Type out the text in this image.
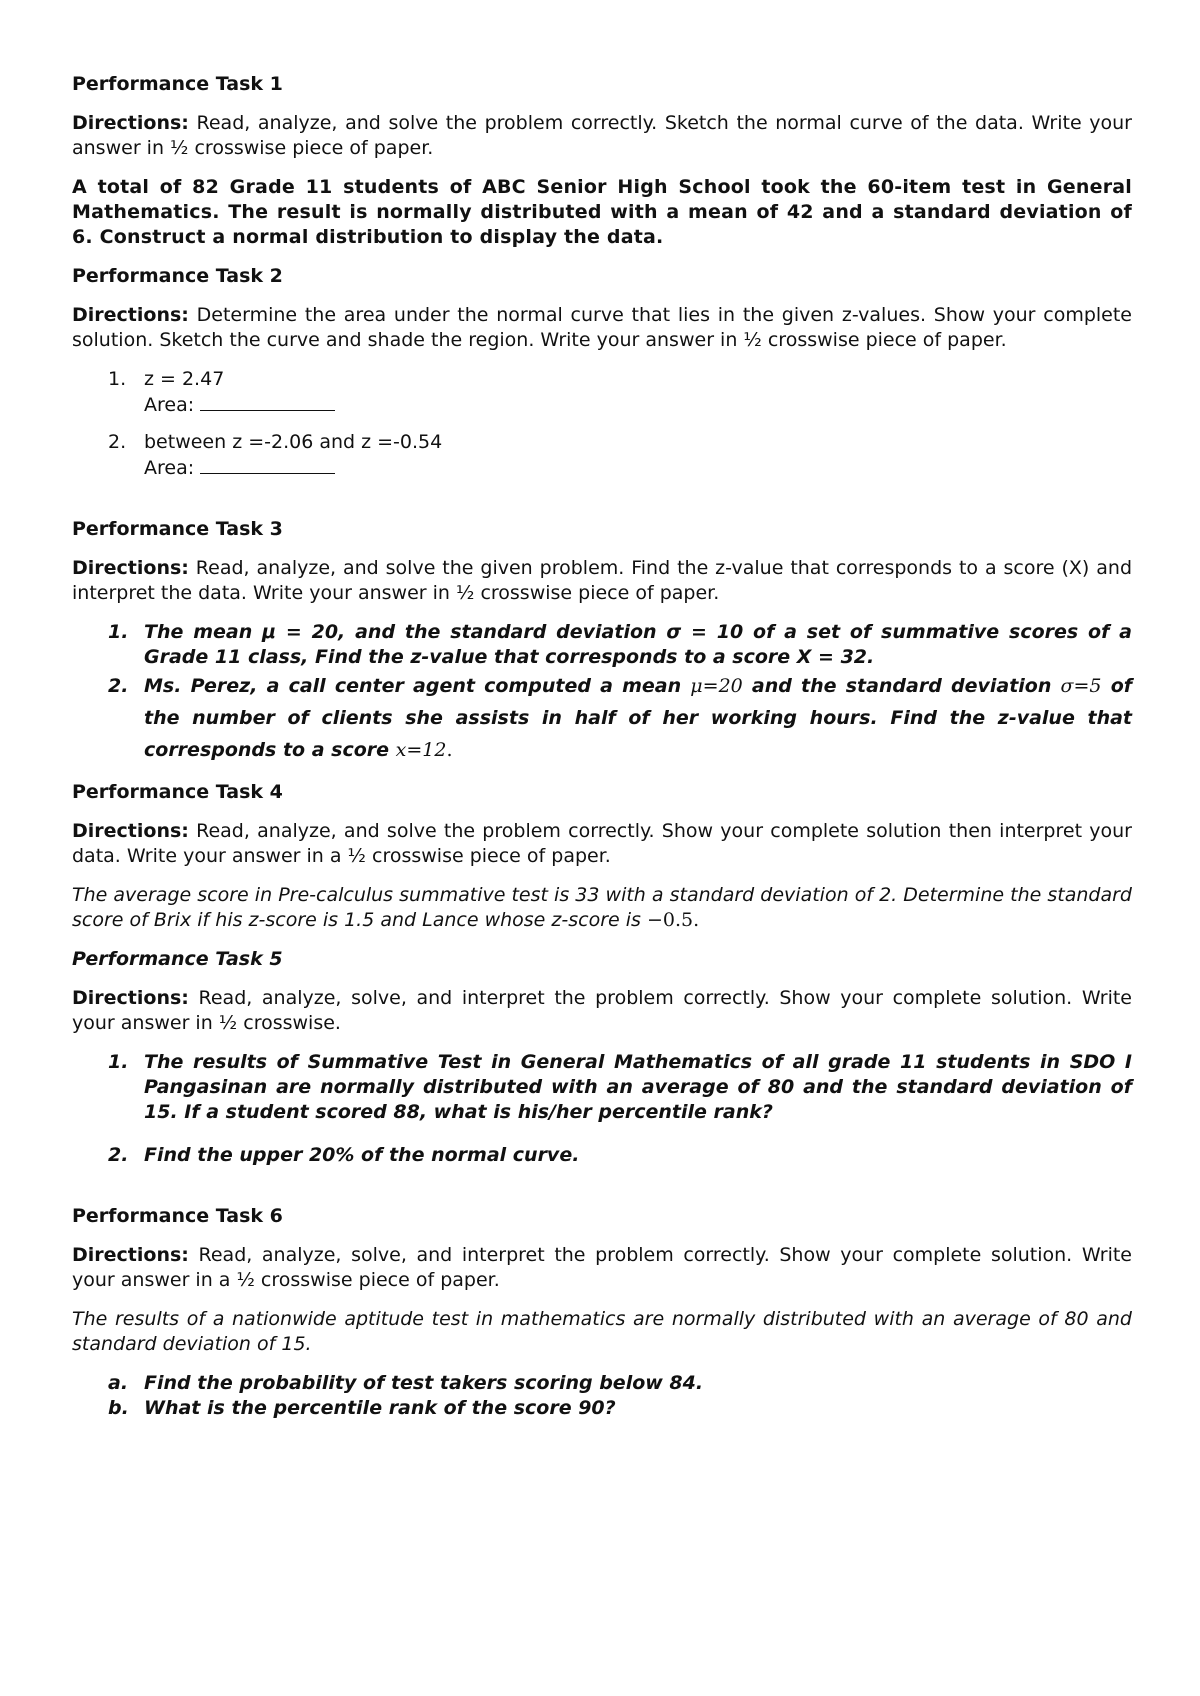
Performance Task 1

Directions: Read, analyze, and solve the problem correctly. Sketch the normal curve of the data. Write your answer in ½ crosswise piece of paper.

A total of 82 Grade 11 students of ABC Senior High School took the 60-item test in General Mathematics. The result is normally distributed with a mean of 42 and a standard deviation of 6. Construct a normal distribution to display the data.

Performance Task 2

Directions: Determine the area under the normal curve that lies in the given z-values. Show your complete solution. Sketch the curve and shade the region. Write your answer in ½ crosswise piece of paper.

1. z = 2.47
Area:
2. between z =-2.06 and z =-0.54
Area:
Performance Task 3

Directions: Read, analyze, and solve the given problem. Find the z-value that corresponds to a score (X) and interpret the data. Write your answer in ½ crosswise piece of paper.

1. The mean μ = 20, and the standard deviation σ = 10 of a set of summative scores of a Grade 11 class, Find the z-value that corresponds to a score X = 32.
2. Ms. Perez, a call center agent computed a mean μ=20 and the standard deviation σ=5 of the number of clients she assists in half of her working hours. Find the z-value that corresponds to a score x=12.
Performance Task 4

Directions: Read, analyze, and solve the problem correctly. Show your complete solution then interpret your data. Write your answer in a ½ crosswise piece of paper.

The average score in Pre-calculus summative test is 33 with a standard deviation of 2. Determine the standard score of Brix if his z-score is 1.5 and Lance whose z-score is −0.5.

Performance Task 5

Directions: Read, analyze, solve, and interpret the problem correctly. Show your complete solution. Write your answer in ½ crosswise.

1. The results of Summative Test in General Mathematics of all grade 11 students in SDO I Pangasinan are normally distributed with an average of 80 and the standard deviation of 15. If a student scored 88, what is his/her percentile rank?
2. Find the upper 20% of the normal curve.
Performance Task 6

Directions: Read, analyze, solve, and interpret the problem correctly. Show your complete solution. Write your answer in a ½ crosswise piece of paper.

The results of a nationwide aptitude test in mathematics are normally distributed with an average of 80 and standard deviation of 15.

a. Find the probability of test takers scoring below 84.
b. What is the percentile rank of the score 90?
